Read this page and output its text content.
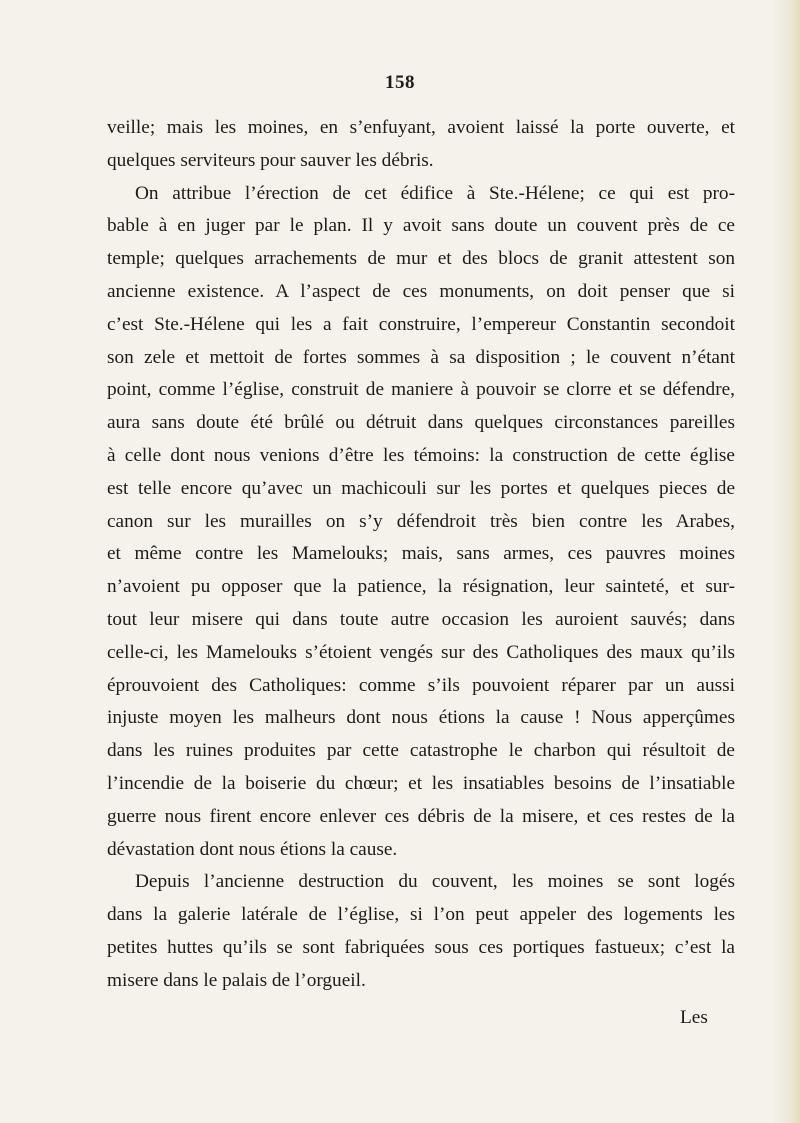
158
veille; mais les moines, en s’enfuyant, avoient laissé la porte ouverte, et
quelques serviteurs pour sauver les débris.
On attribue l’érection de cet édifice à Ste.-Hélene; ce qui est pro-
bable à en juger par le plan. Il y avoit sans doute un couvent près de ce
temple; quelques arrachements de mur et des blocs de granit attestent son
ancienne existence. A l’aspect de ces monuments, on doit penser que si
c’est Ste.-Hélene qui les a fait construire, l’empereur Constantin secondoit
son zele et mettoit de fortes sommes à sa disposition ; le couvent n’étant
point, comme l’église, construit de maniere à pouvoir se clorre et se défendre,
aura sans doute été brûlé ou détruit dans quelques circonstances pareilles
à celle dont nous venions d’être les témoins: la construction de cette église
est telle encore qu’avec un machicouli sur les portes et quelques pieces de
canon sur les murailles on s’y défendroit très bien contre les Arabes,
et même contre les Mamelouks; mais, sans armes, ces pauvres moines
n’avoient pu opposer que la patience, la résignation, leur sainteté, et sur-
tout leur misere qui dans toute autre occasion les auroient sauvés; dans
celle-ci, les Mamelouks s’étoient vengés sur des Catholiques des maux qu’ils
éprouvoient des Catholiques: comme s’ils pouvoient réparer par un aussi
injuste moyen les malheurs dont nous étions la cause ! Nous apperçûmes
dans les ruines produites par cette catastrophe le charbon qui résultoit de
l’incendie de la boiserie du chœur; et les insatiables besoins de l’insatiable
guerre nous firent encore enlever ces débris de la misere, et ces restes de la
dévastation dont nous étions la cause.
Depuis l’ancienne destruction du couvent, les moines se sont logés
dans la galerie latérale de l’église, si l’on peut appeler des logements les
petites huttes qu’ils se sont fabriquées sous ces portiques fastueux; c’est la
misere dans le palais de l’orgueil.
Les
